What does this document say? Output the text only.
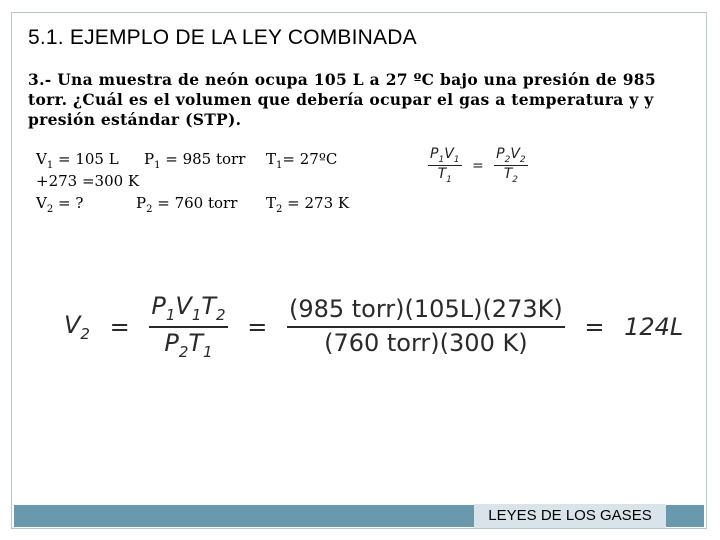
5.1. EJEMPLO DE LA LEY COMBINADA
3.- Una muestra de neón ocupa 105 L a 27 ºC bajo una presión de 985 torr. ¿Cuál es el volumen que debería ocupar el gas a temperatura y y presión estándar (STP).
$V_1 = 105$ L $P_1 = 985$ torr $T_1=$ 27ºC
+273 =300 K
$V_2$ = ?	$P_2 = 760$ torr $T_2 = 273$ K
$\frac{P_1V_1}{T_1} = \frac{P_2V_2}{T_2}$
$V_2 = \frac{P_1V_1T_2}{P_2T_1} = \frac{\text{(985 torr)(105L)(273K)}}{\text{(760 torr)(300 K)}} = 124L$
LEYES DE LOS GASES
